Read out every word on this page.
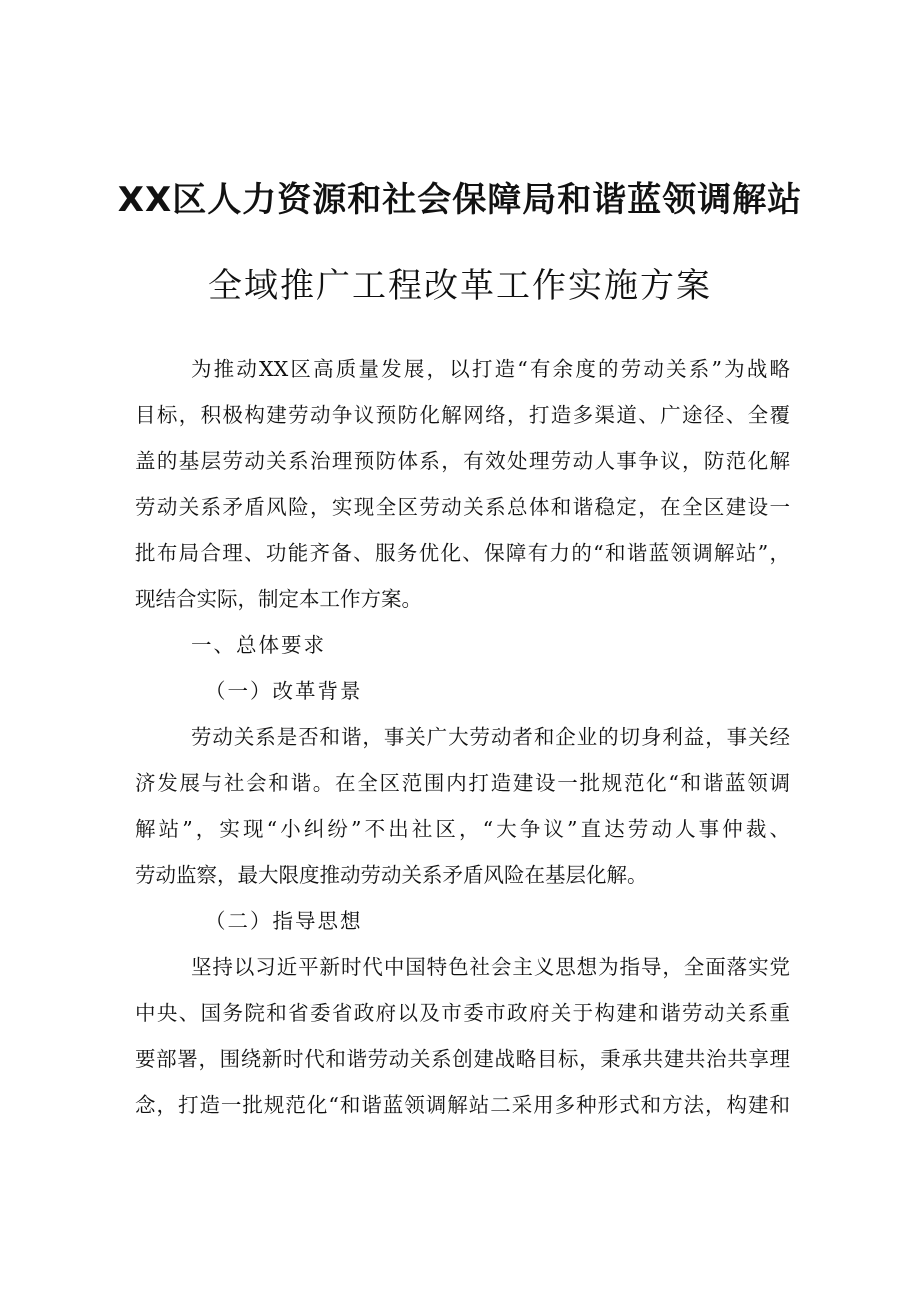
XX区人力资源和社会保障局和谐蓝领调解站
全域推广工程改革工作实施方案
为推动XX区高质量发展，以打造“有余度的劳动关系”为战略
目标，积极构建劳动争议预防化解网络，打造多渠道、广途径、全覆
盖的基层劳动关系治理预防体系，有效处理劳动人事争议，防范化解
劳动关系矛盾风险，实现全区劳动关系总体和谐稳定，在全区建设一
批布局合理、功能齐备、服务优化、保障有力的“和谐蓝领调解站”，
现结合实际，制定本工作方案。
一、总体要求
（一）改革背景
劳动关系是否和谐，事关广大劳动者和企业的切身利益，事关经
济发展与社会和谐。在全区范围内打造建设一批规范化“和谐蓝领调
解站”，实现“小纠纷”不出社区，“大争议”直达劳动人事仲裁、
劳动监察，最大限度推动劳动关系矛盾风险在基层化解。
（二）指导思想
坚持以习近平新时代中国特色社会主义思想为指导，全面落实党
中央、国务院和省委省政府以及市委市政府关于构建和谐劳动关系重
要部署，围绕新时代和谐劳动关系创建战略目标，秉承共建共治共享理
念，打造一批规范化“和谐蓝领调解站二采用多种形式和方法，构建和
